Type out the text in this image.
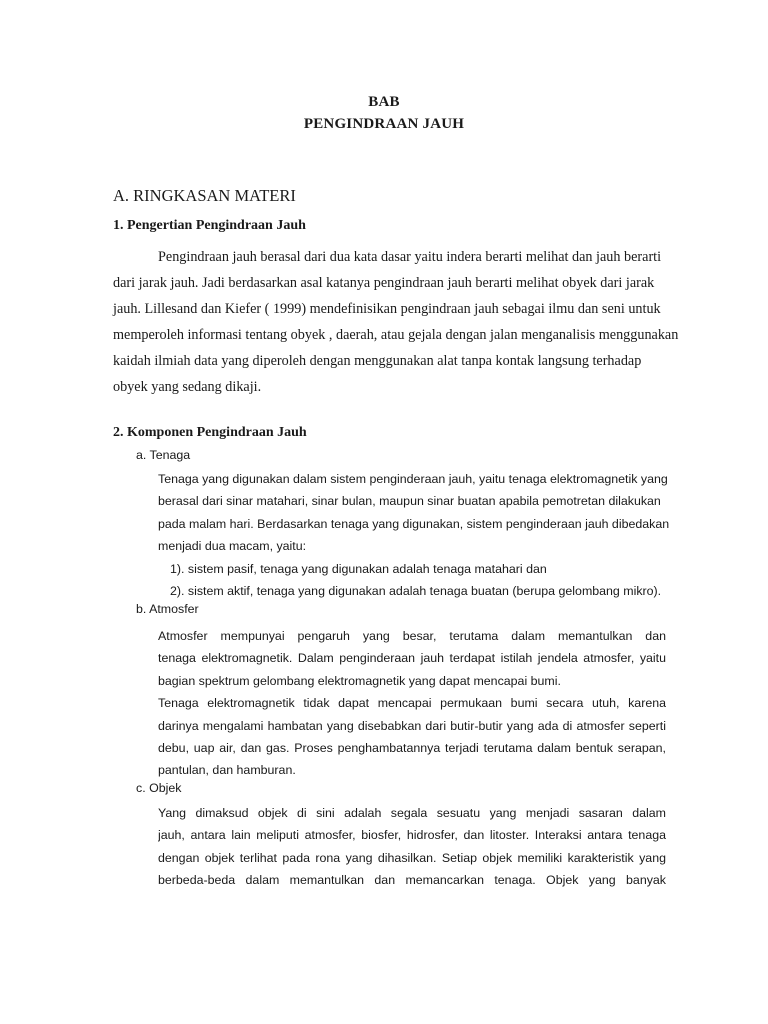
BAB
PENGINDRAAN JAUH
A. RINGKASAN MATERI
1. Pengertian Pengindraan Jauh
Pengindraan jauh berasal dari dua kata dasar yaitu indera berarti melihat dan jauh berarti
dari jarak jauh. Jadi berdasarkan asal katanya pengindraan jauh berarti melihat obyek dari jarak
jauh. Lillesand dan Kiefer ( 1999) mendefinisikan pengindraan jauh sebagai ilmu dan seni untuk
memperoleh informasi tentang obyek , daerah, atau gejala dengan jalan menganalisis menggunakan
kaidah ilmiah data yang diperoleh dengan menggunakan alat tanpa kontak langsung terhadap
obyek yang sedang dikaji.
2. Komponen Pengindraan Jauh
a. Tenaga
Tenaga yang digunakan dalam sistem penginderaan jauh, yaitu tenaga elektromagnetik yang
berasal dari sinar matahari, sinar bulan, maupun sinar buatan apabila pemotretan dilakukan
pada malam hari. Berdasarkan tenaga yang digunakan, sistem penginderaan jauh dibedakan
menjadi dua macam, yaitu:
1). sistem pasif, tenaga yang digunakan adalah tenaga matahari dan
2). sistem aktif, tenaga yang digunakan adalah tenaga buatan (berupa gelombang mikro).
b. Atmosfer
Atmosfer mempunyai pengaruh yang besar, terutama dalam memantulkan dan
tenaga elektromagnetik. Dalam penginderaan jauh terdapat istilah jendela atmosfer, yaitu
bagian spektrum gelombang elektromagnetik yang dapat mencapai bumi.
Tenaga elektromagnetik tidak dapat mencapai permukaan bumi secara utuh, karena
darinya mengalami hambatan yang disebabkan dari butir-butir yang ada di atmosfer seperti
debu, uap air, dan gas. Proses penghambatannya terjadi terutama dalam bentuk serapan,
pantulan, dan hamburan.
c. Objek
Yang dimaksud objek di sini adalah segala sesuatu yang menjadi sasaran dalam
jauh, antara lain meliputi atmosfer, biosfer, hidrosfer, dan litoster. Interaksi antara tenaga
dengan objek terlihat pada rona yang dihasilkan. Setiap objek memiliki karakteristik yang
berbeda-beda dalam memantulkan dan memancarkan tenaga. Objek yang banyak
